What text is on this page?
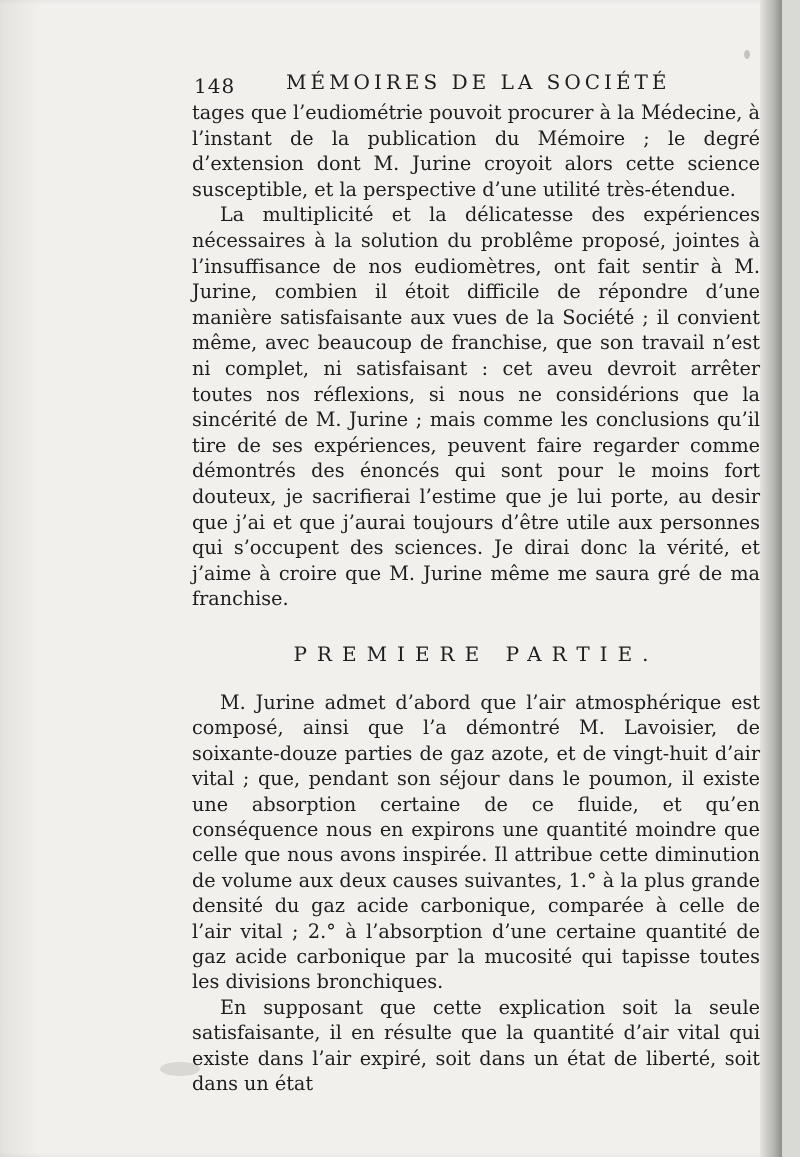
148	MÉMOIRES DE LA SOCIÉTÉ

tages que l’eudiométrie pouvoit procurer à la Médecine, à l’instant de la publication du Mémoire ; le degré d’extension dont M. Jurine croyoit alors cette science susceptible, et la perspective d’une utilité très-étendue.

La multiplicité et la délicatesse des expériences nécessaires à la solution du problême proposé, jointes à l’insuffisance de nos eudiomètres, ont fait sentir à M. Jurine, combien il étoit difficile de répondre d’une manière satisfaisante aux vues de la Société ; il convient même, avec beaucoup de franchise, que son travail n’est ni complet, ni satisfaisant : cet aveu devroit arrêter toutes nos réflexions, si nous ne considérions que la sincérité de M. Jurine ; mais comme les conclusions qu’il tire de ses expériences, peuvent faire regarder comme démontrés des énoncés qui sont pour le moins fort douteux, je sacrifierai l’estime que je lui porte, au desir que j’ai et que j’aurai toujours d’être utile aux personnes qui s’occupent des sciences. Je dirai donc la vérité, et j’aime à croire que M. Jurine même me saura gré de ma franchise.

PREMIERE PARTIE.

M. Jurine admet d’abord que l’air atmosphérique est composé, ainsi que l’a démontré M. Lavoisier, de soixante-douze parties de gaz azote, et de vingt-huit d’air vital ; que, pendant son séjour dans le poumon, il existe une absorption certaine de ce fluide, et qu’en conséquence nous en expirons une quantité moindre que celle que nous avons inspirée. Il attribue cette diminution de volume aux deux causes suivantes, 1.° à la plus grande densité du gaz acide carbonique, comparée à celle de l’air vital ; 2.° à l’absorption d’une certaine quantité de gaz acide carbonique par la mucosité qui tapisse toutes les divisions bronchiques.

En supposant que cette explication soit la seule satisfaisante, il en résulte que la quantité d’air vital qui existe dans l’air expiré, soit dans un état de liberté, soit dans un état
